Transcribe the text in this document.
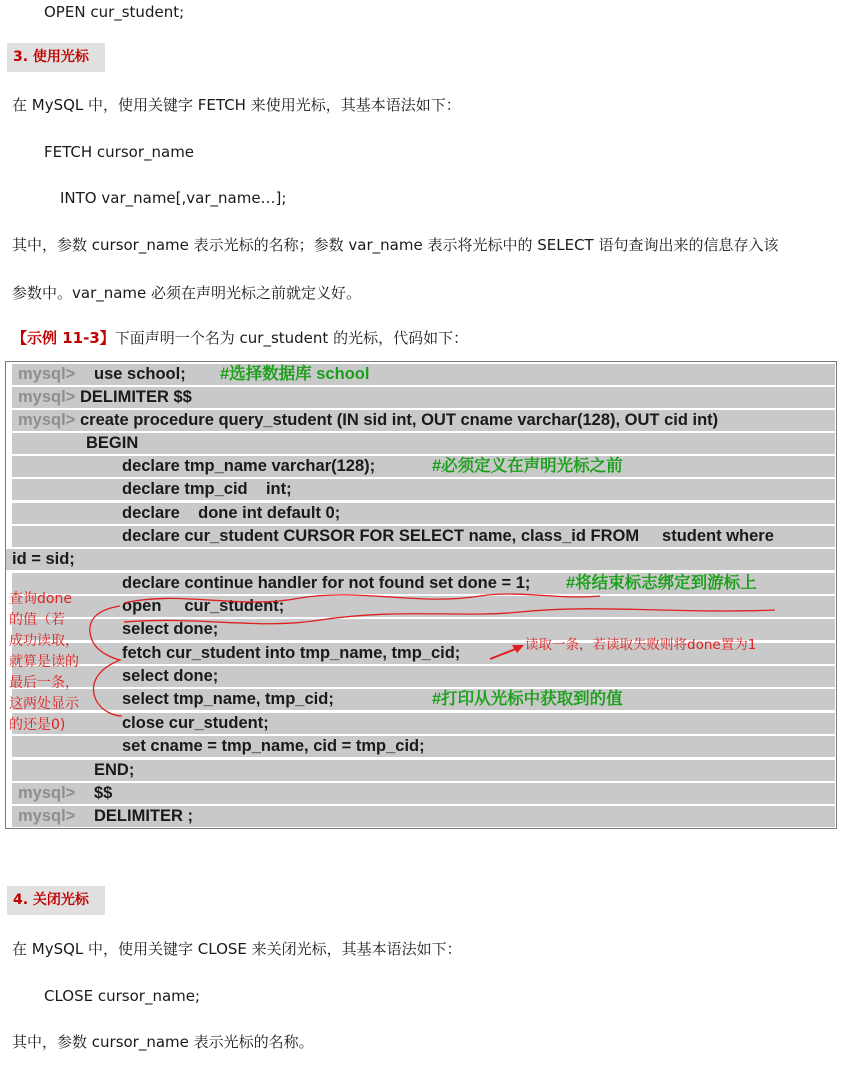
OPEN cur_student;
3. 使用光标
在 MySQL 中，使用关键字 FETCH 来使用光标，其基本语法如下：
FETCH cursor_name
INTO var_name[,var_name…];
其中，参数 cursor_name 表示光标的名称；参数 var_name 表示将光标中的 SELECT 语句查询出来的信息存入该
参数中。var_name 必须在声明光标之前就定义好。
【示例 11-3】下面声明一个名为 cur_student 的光标，代码如下：
mysql> use school; #选择数据库 school
mysql> DELIMITER $$
mysql> create procedure query_student (IN sid int, OUT cname varchar(128), OUT cid int)
BEGIN
declare tmp_name varchar(128);	#必须定义在声明光标之前
declare tmp_cid    int;
declare    done int default 0;
declare cur_student CURSOR FOR SELECT name, class_id FROM     student where
id = sid;
declare continue handler for not found set done = 1; #将结束标志绑定到游标上
open     cur_student;
select done;
fetch cur_student into tmp_name, tmp_cid;
select done;
select tmp_name, tmp_cid;	#打印从光标中获取到的值
close cur_student;
set cname = tmp_name, cid = tmp_cid;
END;
mysql> $$
mysql> DELIMITER ;
查询done
的值（若
成功读取，
就算是读的
最后一条，
这两处显示
的还是0)
读取一条，若读取失败则将done置为1
4. 关闭光标
在 MySQL 中，使用关键字 CLOSE 来关闭光标，其基本语法如下：
CLOSE cursor_name;
其中，参数 cursor_name 表示光标的名称。
